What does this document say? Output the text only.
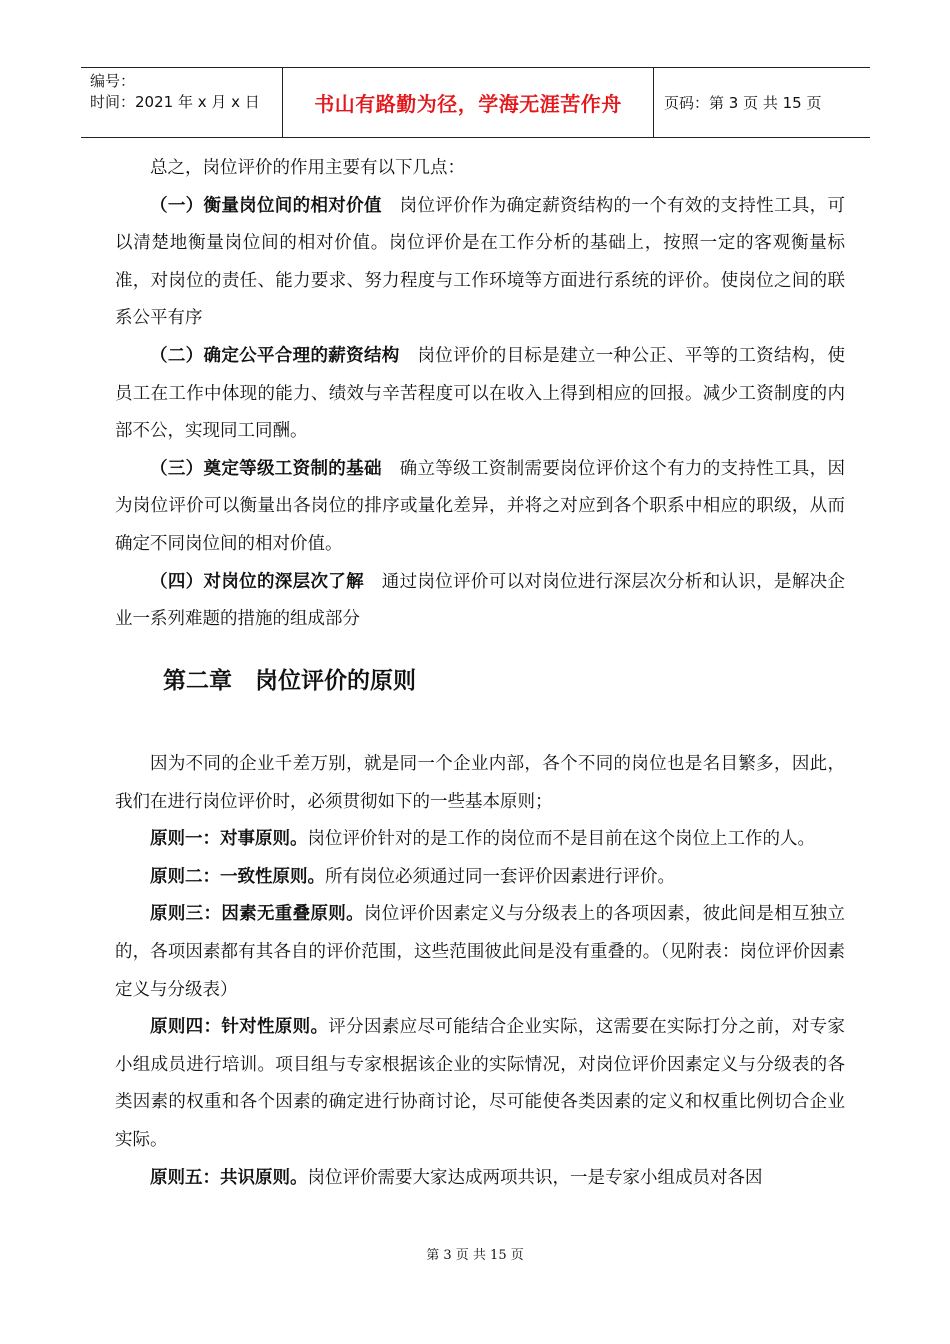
编号：
时间：2021 年 x 月 x 日	书山有路勤为径，学海无涯苦作舟	页码：第 3 页 共 15 页

总之，岗位评价的作用主要有以下几点：

（一）衡量岗位间的相对价值　岗位评价作为确定薪资结构的一个有效的支持性工具，可以清楚地衡量岗位间的相对价值。岗位评价是在工作分析的基础上，按照一定的客观衡量标准，对岗位的责任、能力要求、努力程度与工作环境等方面进行系统的评价。使岗位之间的联系公平有序

（二）确定公平合理的薪资结构　岗位评价的目标是建立一种公正、平等的工资结构，使员工在工作中体现的能力、绩效与辛苦程度可以在收入上得到相应的回报。减少工资制度的内部不公，实现同工同酬。

（三）奠定等级工资制的基础　确立等级工资制需要岗位评价这个有力的支持性工具，因为岗位评价可以衡量出各岗位的排序或量化差异，并将之对应到各个职系中相应的职级，从而确定不同岗位间的相对价值。

（四）对岗位的深层次了解　通过岗位评价可以对岗位进行深层次分析和认识，是解决企业一系列难题的措施的组成部分

第二章　岗位评价的原则

因为不同的企业千差万别，就是同一个企业内部，各个不同的岗位也是名目繁多，因此，我们在进行岗位评价时，必须贯彻如下的一些基本原则；

原则一：对事原则。岗位评价针对的是工作的岗位而不是目前在这个岗位上工作的人。

原则二：一致性原则。所有岗位必须通过同一套评价因素进行评价。

原则三：因素无重叠原则。岗位评价因素定义与分级表上的各项因素，彼此间是相互独立的，各项因素都有其各自的评价范围，这些范围彼此间是没有重叠的。（见附表：岗位评价因素定义与分级表）

原则四：针对性原则。评分因素应尽可能结合企业实际，这需要在实际打分之前，对专家小组成员进行培训。项目组与专家根据该企业的实际情况，对岗位评价因素定义与分级表的各类因素的权重和各个因素的确定进行协商讨论，尽可能使各类因素的定义和权重比例切合企业实际。

原则五：共识原则。岗位评价需要大家达成两项共识，一是专家小组成员对各因

第 3 页 共 15 页
